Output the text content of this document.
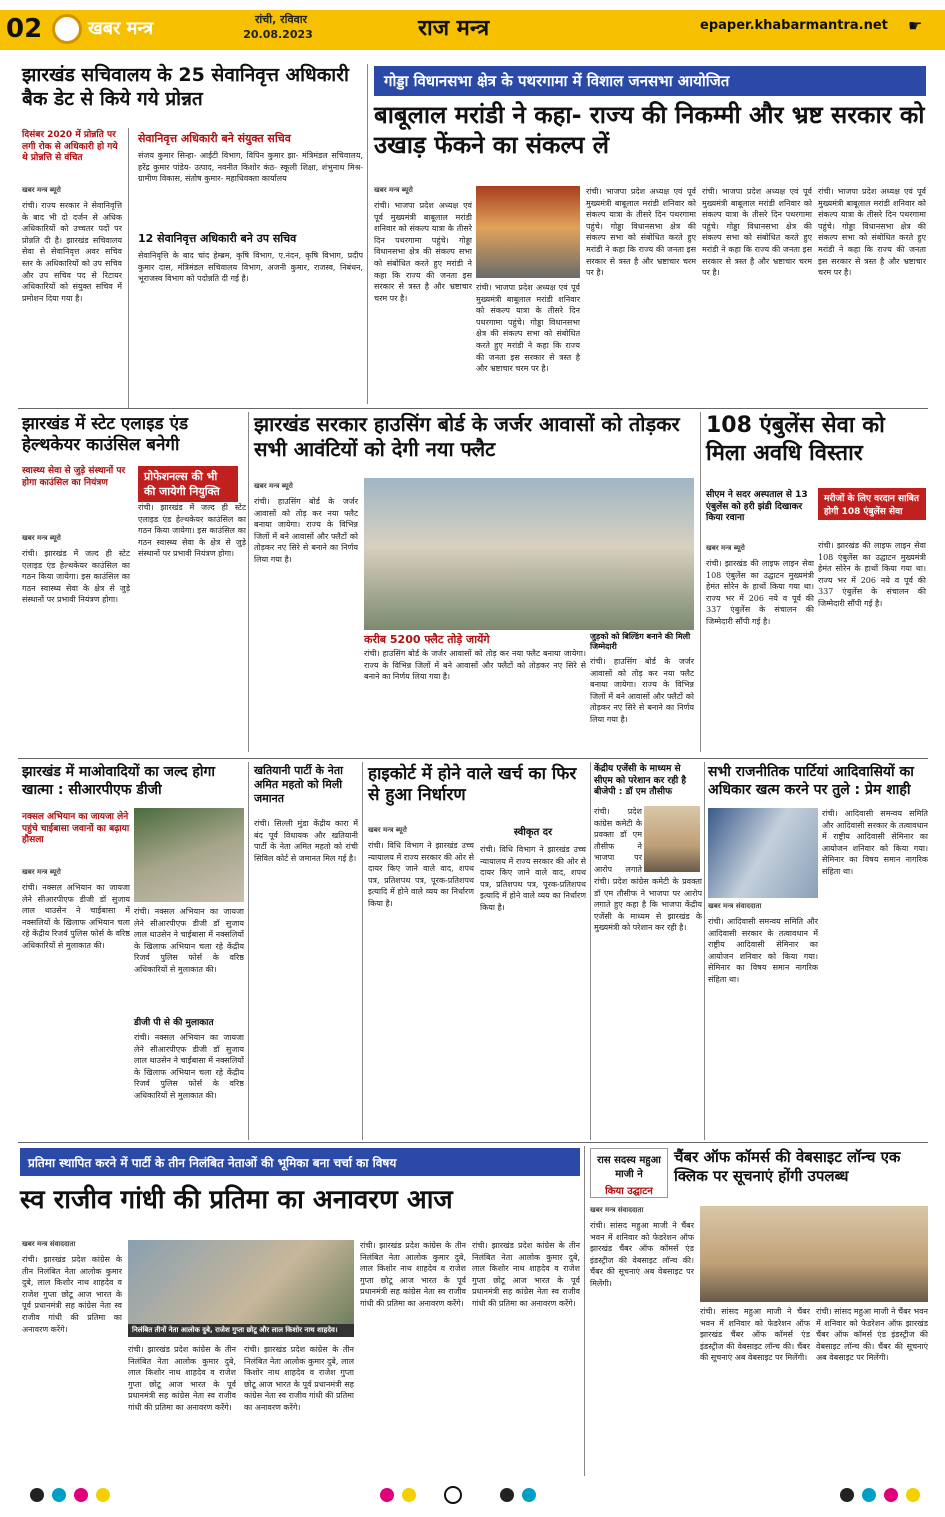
02	खबर मन्त्र	रांची, रविवार
20.08.2023	राज मन्त्र	epaper.khabarmantra.net ☛
झारखंड सचिवालय के 25 सेवानिवृत्त अधिकारी बैक डेट से किये गये प्रोन्नत
दिसंबर 2020 में प्रोन्नति पर लगी रोक से अधिकारी हो गये थे प्रोन्नत्ति से वंचित
खबर मन्त्र ब्यूरो
रांची। राज्य सरकार ने सेवानिवृत्ति के बाद भी दो दर्जन से अधिक अधिकारियों को उच्चतर पदों पर प्रोन्नति दी है। झारखंड सचिवालय सेवा से सेवानिवृत्त अवर सचिव स्तर के अधिकारियों को उप सचिव और उप सचिव पद से रिटायर अधिकारियों को संयुक्त सचिव में प्रमोशन दिया गया है।
सेवानिवृत्त अधिकारी बने संयुक्त सचिव
संजय कुमार सिन्हा- आईटी विभाग, विपिन कुमार झा- मंत्रिमंडल सचिवालय, हरेंद्र कुमार पांडेय- उत्पाद, नवनीत किशोर कंठ- स्कूली शिक्षा, शंभुनाथ मिश्र- ग्रामीण विकास, संतोष कुमार- महाधिवक्ता कार्यालय
12 सेवानिवृत्त अधिकारी बने उप सचिव
सेवानिवृत्ति के बाद चांद हेम्ब्रम, कृषि विभाग, ए.नंदन, कृषि विभाग, प्रदीप कुमार दास, मंत्रिमंडल सचिवालय विभाग, अजनी कुमार, राजस्व, निबंधन, भूराजस्व विभाग को पदोन्नति दी गई है।
गोड्डा विधानसभा क्षेत्र के पथरगामा में विशाल जनसभा आयोजित
बाबूलाल मरांडी ने कहा- राज्य की निकम्मी और भ्रष्ट सरकार को उखाड़ फेंकने का संकल्प लें
खबर मन्त्र ब्यूरो
रांची। भाजपा प्रदेश अध्यक्ष एवं पूर्व मुख्यमंत्री बाबूलाल मरांडी शनिवार को संकल्प यात्रा के तीसरे दिन पथरगामा पहुंचे। गोड्डा विधानसभा क्षेत्र की संकल्प सभा को संबोधित करते हुए मरांडी ने कहा कि राज्य की जनता इस सरकार से त्रस्त है और भ्रष्टाचार चरम पर है।
रांची। भाजपा प्रदेश अध्यक्ष एवं पूर्व मुख्यमंत्री बाबूलाल मरांडी शनिवार को संकल्प यात्रा के तीसरे दिन पथरगामा पहुंचे। गोड्डा विधानसभा क्षेत्र की संकल्प सभा को संबोधित करते हुए मरांडी ने कहा कि राज्य की जनता इस सरकार से त्रस्त है और भ्रष्टाचार चरम पर है।
रांची। भाजपा प्रदेश अध्यक्ष एवं पूर्व मुख्यमंत्री बाबूलाल मरांडी शनिवार को संकल्प यात्रा के तीसरे दिन पथरगामा पहुंचे। गोड्डा विधानसभा क्षेत्र की संकल्प सभा को संबोधित करते हुए मरांडी ने कहा कि राज्य की जनता इस सरकार से त्रस्त है और भ्रष्टाचार चरम पर है।
रांची। भाजपा प्रदेश अध्यक्ष एवं पूर्व मुख्यमंत्री बाबूलाल मरांडी शनिवार को संकल्प यात्रा के तीसरे दिन पथरगामा पहुंचे। गोड्डा विधानसभा क्षेत्र की संकल्प सभा को संबोधित करते हुए मरांडी ने कहा कि राज्य की जनता इस सरकार से त्रस्त है और भ्रष्टाचार चरम पर है।
रांची। भाजपा प्रदेश अध्यक्ष एवं पूर्व मुख्यमंत्री बाबूलाल मरांडी शनिवार को संकल्प यात्रा के तीसरे दिन पथरगामा पहुंचे। गोड्डा विधानसभा क्षेत्र की संकल्प सभा को संबोधित करते हुए मरांडी ने कहा कि राज्य की जनता इस सरकार से त्रस्त है और भ्रष्टाचार चरम पर है।
झारखंड में स्टेट एलाइड एंड हेल्थकेयर काउंसिल बनेगी
स्वास्थ्य सेवा से जुड़े संस्थानों पर होगा काउंसिल का नियंत्रण	प्रोफेशनल्स की भी की जायेगी नियुक्ति
खबर मन्त्र ब्यूरो
रांची। झारखंड में जल्द ही स्टेट एलाइड एंड हेल्थकेयर काउंसिल का गठन किया जायेगा। इस काउंसिल का गठन स्वास्थ्य सेवा के क्षेत्र से जुड़े संस्थानों पर प्रभावी नियंत्रण होगा।
रांची। झारखंड में जल्द ही स्टेट एलाइड एंड हेल्थकेयर काउंसिल का गठन किया जायेगा। इस काउंसिल का गठन स्वास्थ्य सेवा के क्षेत्र से जुड़े संस्थानों पर प्रभावी नियंत्रण होगा।
झारखंड सरकार हाउसिंग बोर्ड के जर्जर आवासों को तोड़कर सभी आवंटियों को देगी नया फ्लैट
खबर मन्त्र ब्यूरो
रांची। हाउसिंग बोर्ड के जर्जर आवासों को तोड़ कर नया फ्लैट बनाया जायेगा। राज्य के विभिन्न जिलों में बने आवासों और फ्लैटों को तोड़कर नए सिरे से बनाने का निर्णय लिया गया है।
करीब 5200 फ्लैट तोड़े जायेंगे
रांची। हाउसिंग बोर्ड के जर्जर आवासों को तोड़ कर नया फ्लैट बनाया जायेगा। राज्य के विभिन्न जिलों में बने आवासों और फ्लैटों को तोड़कर नए सिरे से बनाने का निर्णय लिया गया है।
जुड़को को बिल्डिंग बनाने की मिली जिम्मेदारी
रांची। हाउसिंग बोर्ड के जर्जर आवासों को तोड़ कर नया फ्लैट बनाया जायेगा। राज्य के विभिन्न जिलों में बने आवासों और फ्लैटों को तोड़कर नए सिरे से बनाने का निर्णय लिया गया है।
108 एंबुलेंस सेवा को मिला अवधि विस्तार
सीएम ने सदर अस्पताल से 13 एंबुलेंस को हरी झंडी दिखाकर किया रवाना
मरीजों के लिए वरदान साबित होगी 108 एंबुलेंस सेवा
खबर मन्त्र ब्यूरो
रांची। झारखंड की लाइफ लाइन सेवा 108 एंबुलेंस का उद्घाटन मुख्यमंत्री हेमंत सोरेन के हाथों किया गया था। राज्य भर में 206 नये व पूर्व की 337 एंबुलेंस के संचालन की जिम्मेदारी सौंपी गई है।
रांची। झारखंड की लाइफ लाइन सेवा 108 एंबुलेंस का उद्घाटन मुख्यमंत्री हेमंत सोरेन के हाथों किया गया था। राज्य भर में 206 नये व पूर्व की 337 एंबुलेंस के संचालन की जिम्मेदारी सौंपी गई है।
झारखंड में माओवादियों का जल्द होगा खात्मा : सीआरपीएफ डीजी
नक्सल अभियान का जायजा लेने पहुंचे चाईबासा जवानों का बढ़ाया हौसला
खबर मन्त्र ब्यूरो
रांची। नक्सल अभियान का जायजा लेने सीआरपीएफ डीजी डॉ सुजाय लाल थाउसेन ने चाईबासा में नक्सलियों के खिलाफ अभियान चला रहे केंद्रीय रिजर्व पुलिस फोर्स के वरिष्ठ अधिकारियों से मुलाकात की।
रांची। नक्सल अभियान का जायजा लेने सीआरपीएफ डीजी डॉ सुजाय लाल थाउसेन ने चाईबासा में नक्सलियों के खिलाफ अभियान चला रहे केंद्रीय रिजर्व पुलिस फोर्स के वरिष्ठ अधिकारियों से मुलाकात की।
डीजी पी से की मुलाकात
रांची। नक्सल अभियान का जायजा लेने सीआरपीएफ डीजी डॉ सुजाय लाल थाउसेन ने चाईबासा में नक्सलियों के खिलाफ अभियान चला रहे केंद्रीय रिजर्व पुलिस फोर्स के वरिष्ठ अधिकारियों से मुलाकात की।
खतियानी पार्टी के नेता अमित महतो को मिली जमानत
रांची। सिल्ली मुंडा केंद्रीय कारा में बंद पूर्व विधायक और खतियानी पार्टी के नेता अमित महतो को रांची सिविल कोर्ट से जमानत मिल गई है।
हाइकोर्ट में होने वाले खर्च का फिर से हुआ निर्धारण
खबर मन्त्र ब्यूरो
रांची। विधि विभाग ने झारखंड उच्च न्यायालय में राज्य सरकार की ओर से दायर किए जाने वाले वाद, शपथ पत्र, प्रतिशपथ पत्र, पूरक-प्रतिशपथ इत्यादि में होने वाले व्यय का निर्धारण किया है।
स्वीकृत दर
रांची। विधि विभाग ने झारखंड उच्च न्यायालय में राज्य सरकार की ओर से दायर किए जाने वाले वाद, शपथ पत्र, प्रतिशपथ पत्र, पूरक-प्रतिशपथ इत्यादि में होने वाले व्यय का निर्धारण किया है।
केंद्रीय एजेंसी के माध्यम से सीएम को परेशान कर रही है बीजेपी : डॉ एम तौसीफ
रांची। प्रदेश कांग्रेस कमेटी के प्रवक्ता डॉ एम तौसीफ ने भाजपा पर आरोप लगाते
रांची। प्रदेश कांग्रेस कमेटी के प्रवक्ता डॉ एम तौसीफ ने भाजपा पर आरोप लगाते हुए कहा है कि भाजपा केंद्रीय एजेंसी के माध्यम से झारखंड के मुख्यमंत्री को परेशान कर रही है।
सभी राजनीतिक पार्टियां आदिवासियों का अधिकार खत्म करने पर तुले : प्रेम शाही
खबर मन्त्र संवाददाता
रांची। आदिवासी समन्वय समिति और आदिवासी सरकार के तत्वावधान में राष्ट्रीय आदिवासी सेमिनार का आयोजन शनिवार को किया गया। सेमिनार का विषय समान नागरिक संहिता था।
रांची। आदिवासी समन्वय समिति और आदिवासी सरकार के तत्वावधान में राष्ट्रीय आदिवासी सेमिनार का आयोजन शनिवार को किया गया। सेमिनार का विषय समान नागरिक संहिता था।
प्रतिमा स्थापित करने में पार्टी के तीन निलंबित नेताओं की भूमिका बना चर्चा का विषय
स्व राजीव गांधी की प्रतिमा का अनावरण आज
खबर मन्त्र संवाददाता
रांची। झारखंड प्रदेश कांग्रेस के तीन निलंबित नेता आलोक कुमार दुबे, लाल किशोर नाथ शाहदेव व राजेश गुप्ता छोटू आज भारत के पूर्व प्रधानमंत्री सह कांग्रेस नेता स्व राजीव गांधी की प्रतिमा का अनावरण करेंगे।	निलंबित तीनों नेता आलोक दुबे, राजेश गुप्ता छोटू और लाल किशोर नाथ शाहदेव।
रांची। झारखंड प्रदेश कांग्रेस के तीन निलंबित नेता आलोक कुमार दुबे, लाल किशोर नाथ शाहदेव व राजेश गुप्ता छोटू आज भारत के पूर्व प्रधानमंत्री सह कांग्रेस नेता स्व राजीव गांधी की प्रतिमा का अनावरण करेंगे।
रांची। झारखंड प्रदेश कांग्रेस के तीन निलंबित नेता आलोक कुमार दुबे, लाल किशोर नाथ शाहदेव व राजेश गुप्ता छोटू आज भारत के पूर्व प्रधानमंत्री सह कांग्रेस नेता स्व राजीव गांधी की प्रतिमा का अनावरण करेंगे।
रांची। झारखंड प्रदेश कांग्रेस के तीन निलंबित नेता आलोक कुमार दुबे, लाल किशोर नाथ शाहदेव व राजेश गुप्ता छोटू आज भारत के पूर्व प्रधानमंत्री सह कांग्रेस नेता स्व राजीव गांधी की प्रतिमा का अनावरण करेंगे।
रांची। झारखंड प्रदेश कांग्रेस के तीन निलंबित नेता आलोक कुमार दुबे, लाल किशोर नाथ शाहदेव व राजेश गुप्ता छोटू आज भारत के पूर्व प्रधानमंत्री सह कांग्रेस नेता स्व राजीव गांधी की प्रतिमा का अनावरण करेंगे।
रास सदस्य महुआ माजी ने
किया उद्घाटन
चैंबर ऑफ कॉमर्स की वेबसाइट लॉन्च एक क्लिक पर सूचनाएं होंगी उपलब्ध
खबर मन्त्र संवाददाता
रांची। सांसद महुआ माजी ने चैंबर भवन में शनिवार को फेडरेशन ऑफ झारखंड चैंबर ऑफ कॉमर्स एंड इंडस्ट्रीज की वेबसाइट लॉन्च की। चैंबर की सूचनाएं अब वेबसाइट पर मिलेंगी।
रांची। सांसद महुआ माजी ने चैंबर भवन में शनिवार को फेडरेशन ऑफ झारखंड चैंबर ऑफ कॉमर्स एंड इंडस्ट्रीज की वेबसाइट लॉन्च की। चैंबर की सूचनाएं अब वेबसाइट पर मिलेंगी।
रांची। सांसद महुआ माजी ने चैंबर भवन में शनिवार को फेडरेशन ऑफ झारखंड चैंबर ऑफ कॉमर्स एंड इंडस्ट्रीज की वेबसाइट लॉन्च की। चैंबर की सूचनाएं अब वेबसाइट पर मिलेंगी।
